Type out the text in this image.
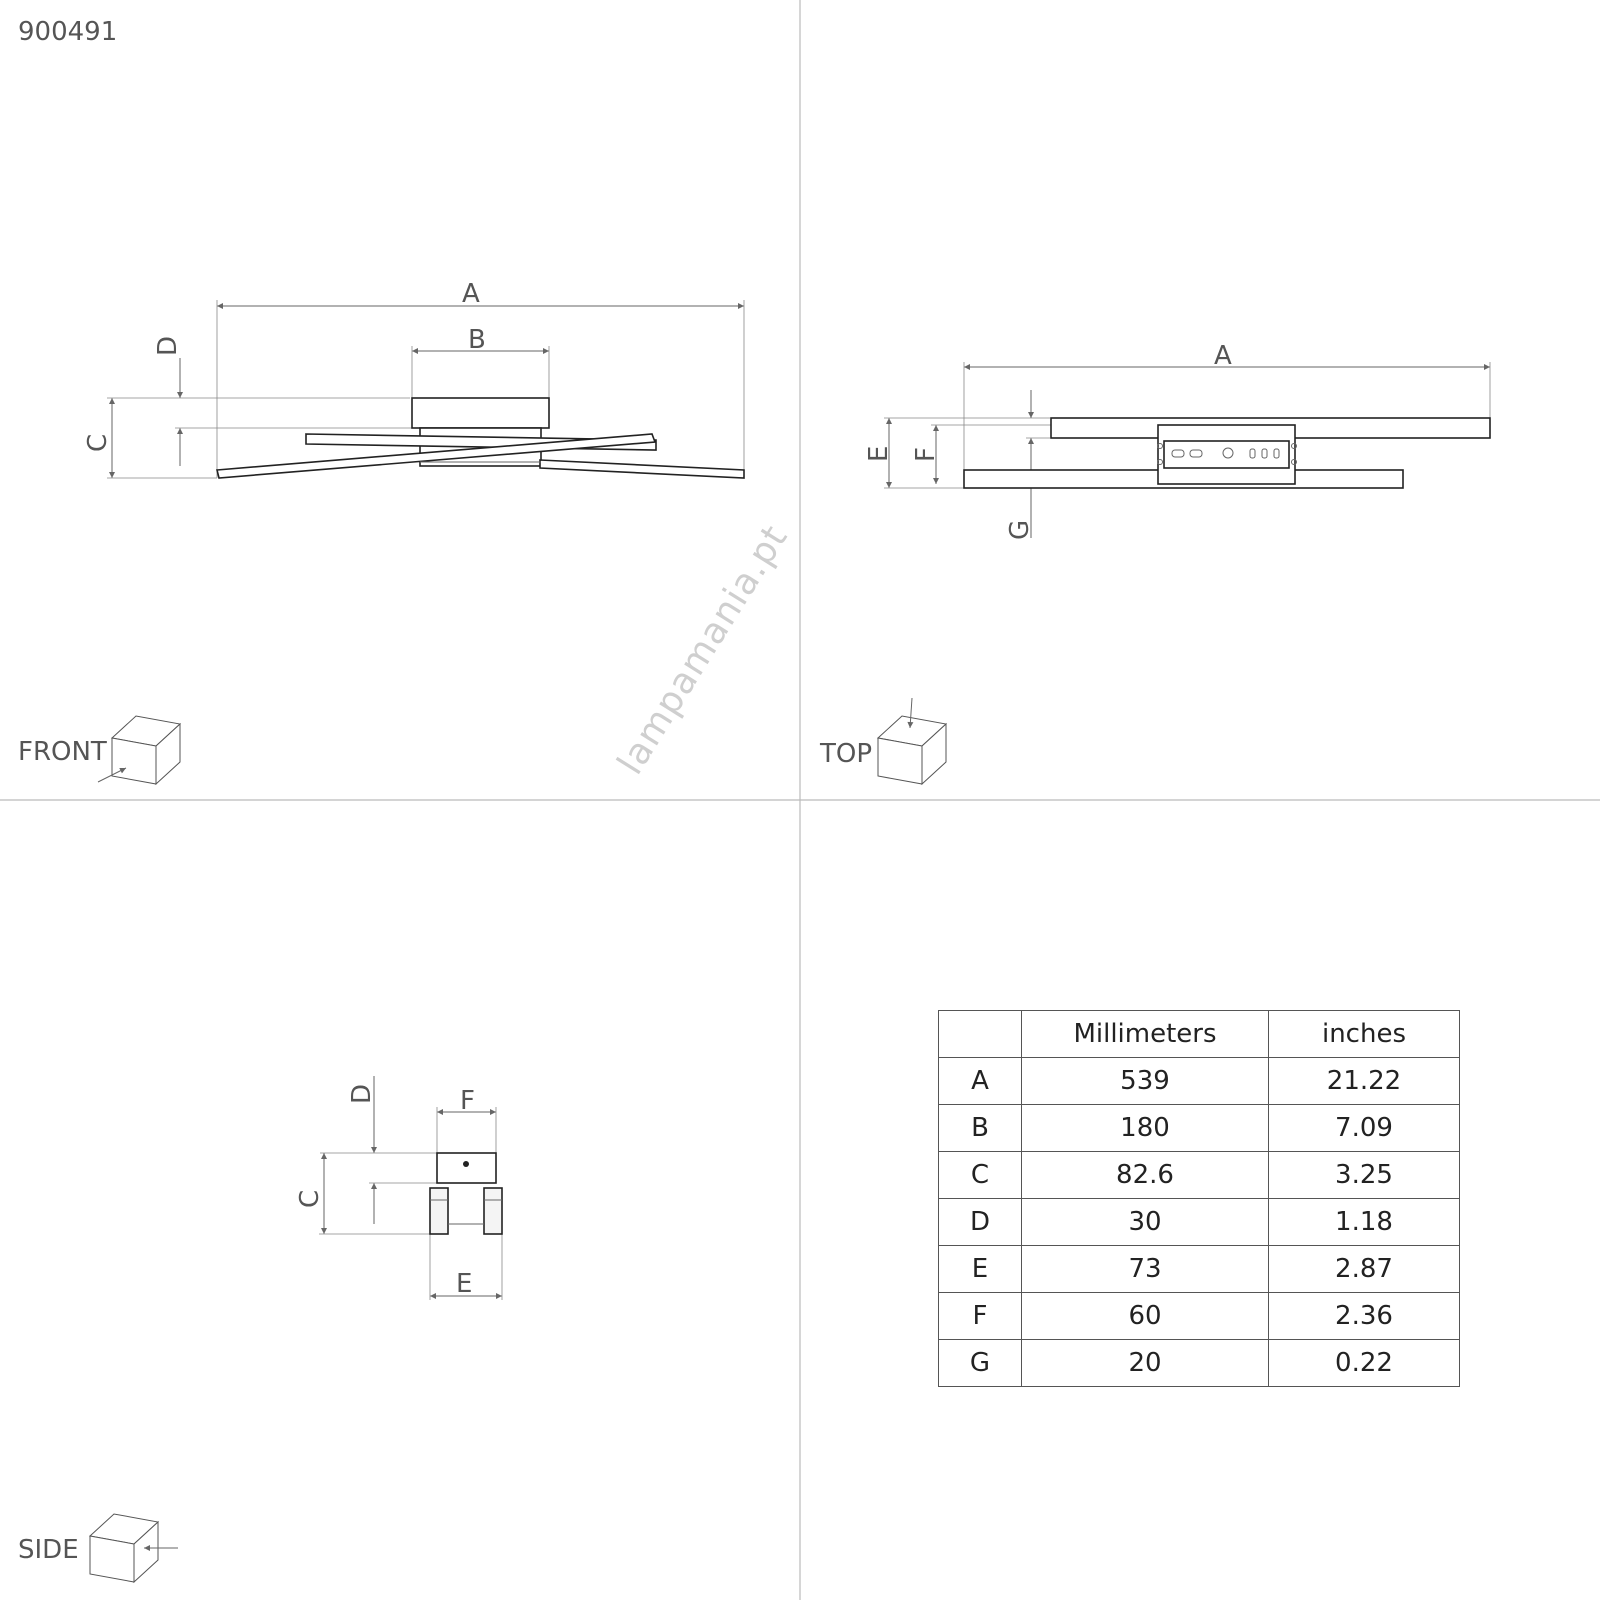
900491
A
B
C
D
FRONT
A
E F
G
TOP
F
D
C
E
SIDE
lampamania.pt
	Millimeters	inches
A	539	21.22
B	180	7.09
C	82.6	3.25
D	30	1.18
E	73	2.87
F	60	2.36
G	20	0.22
